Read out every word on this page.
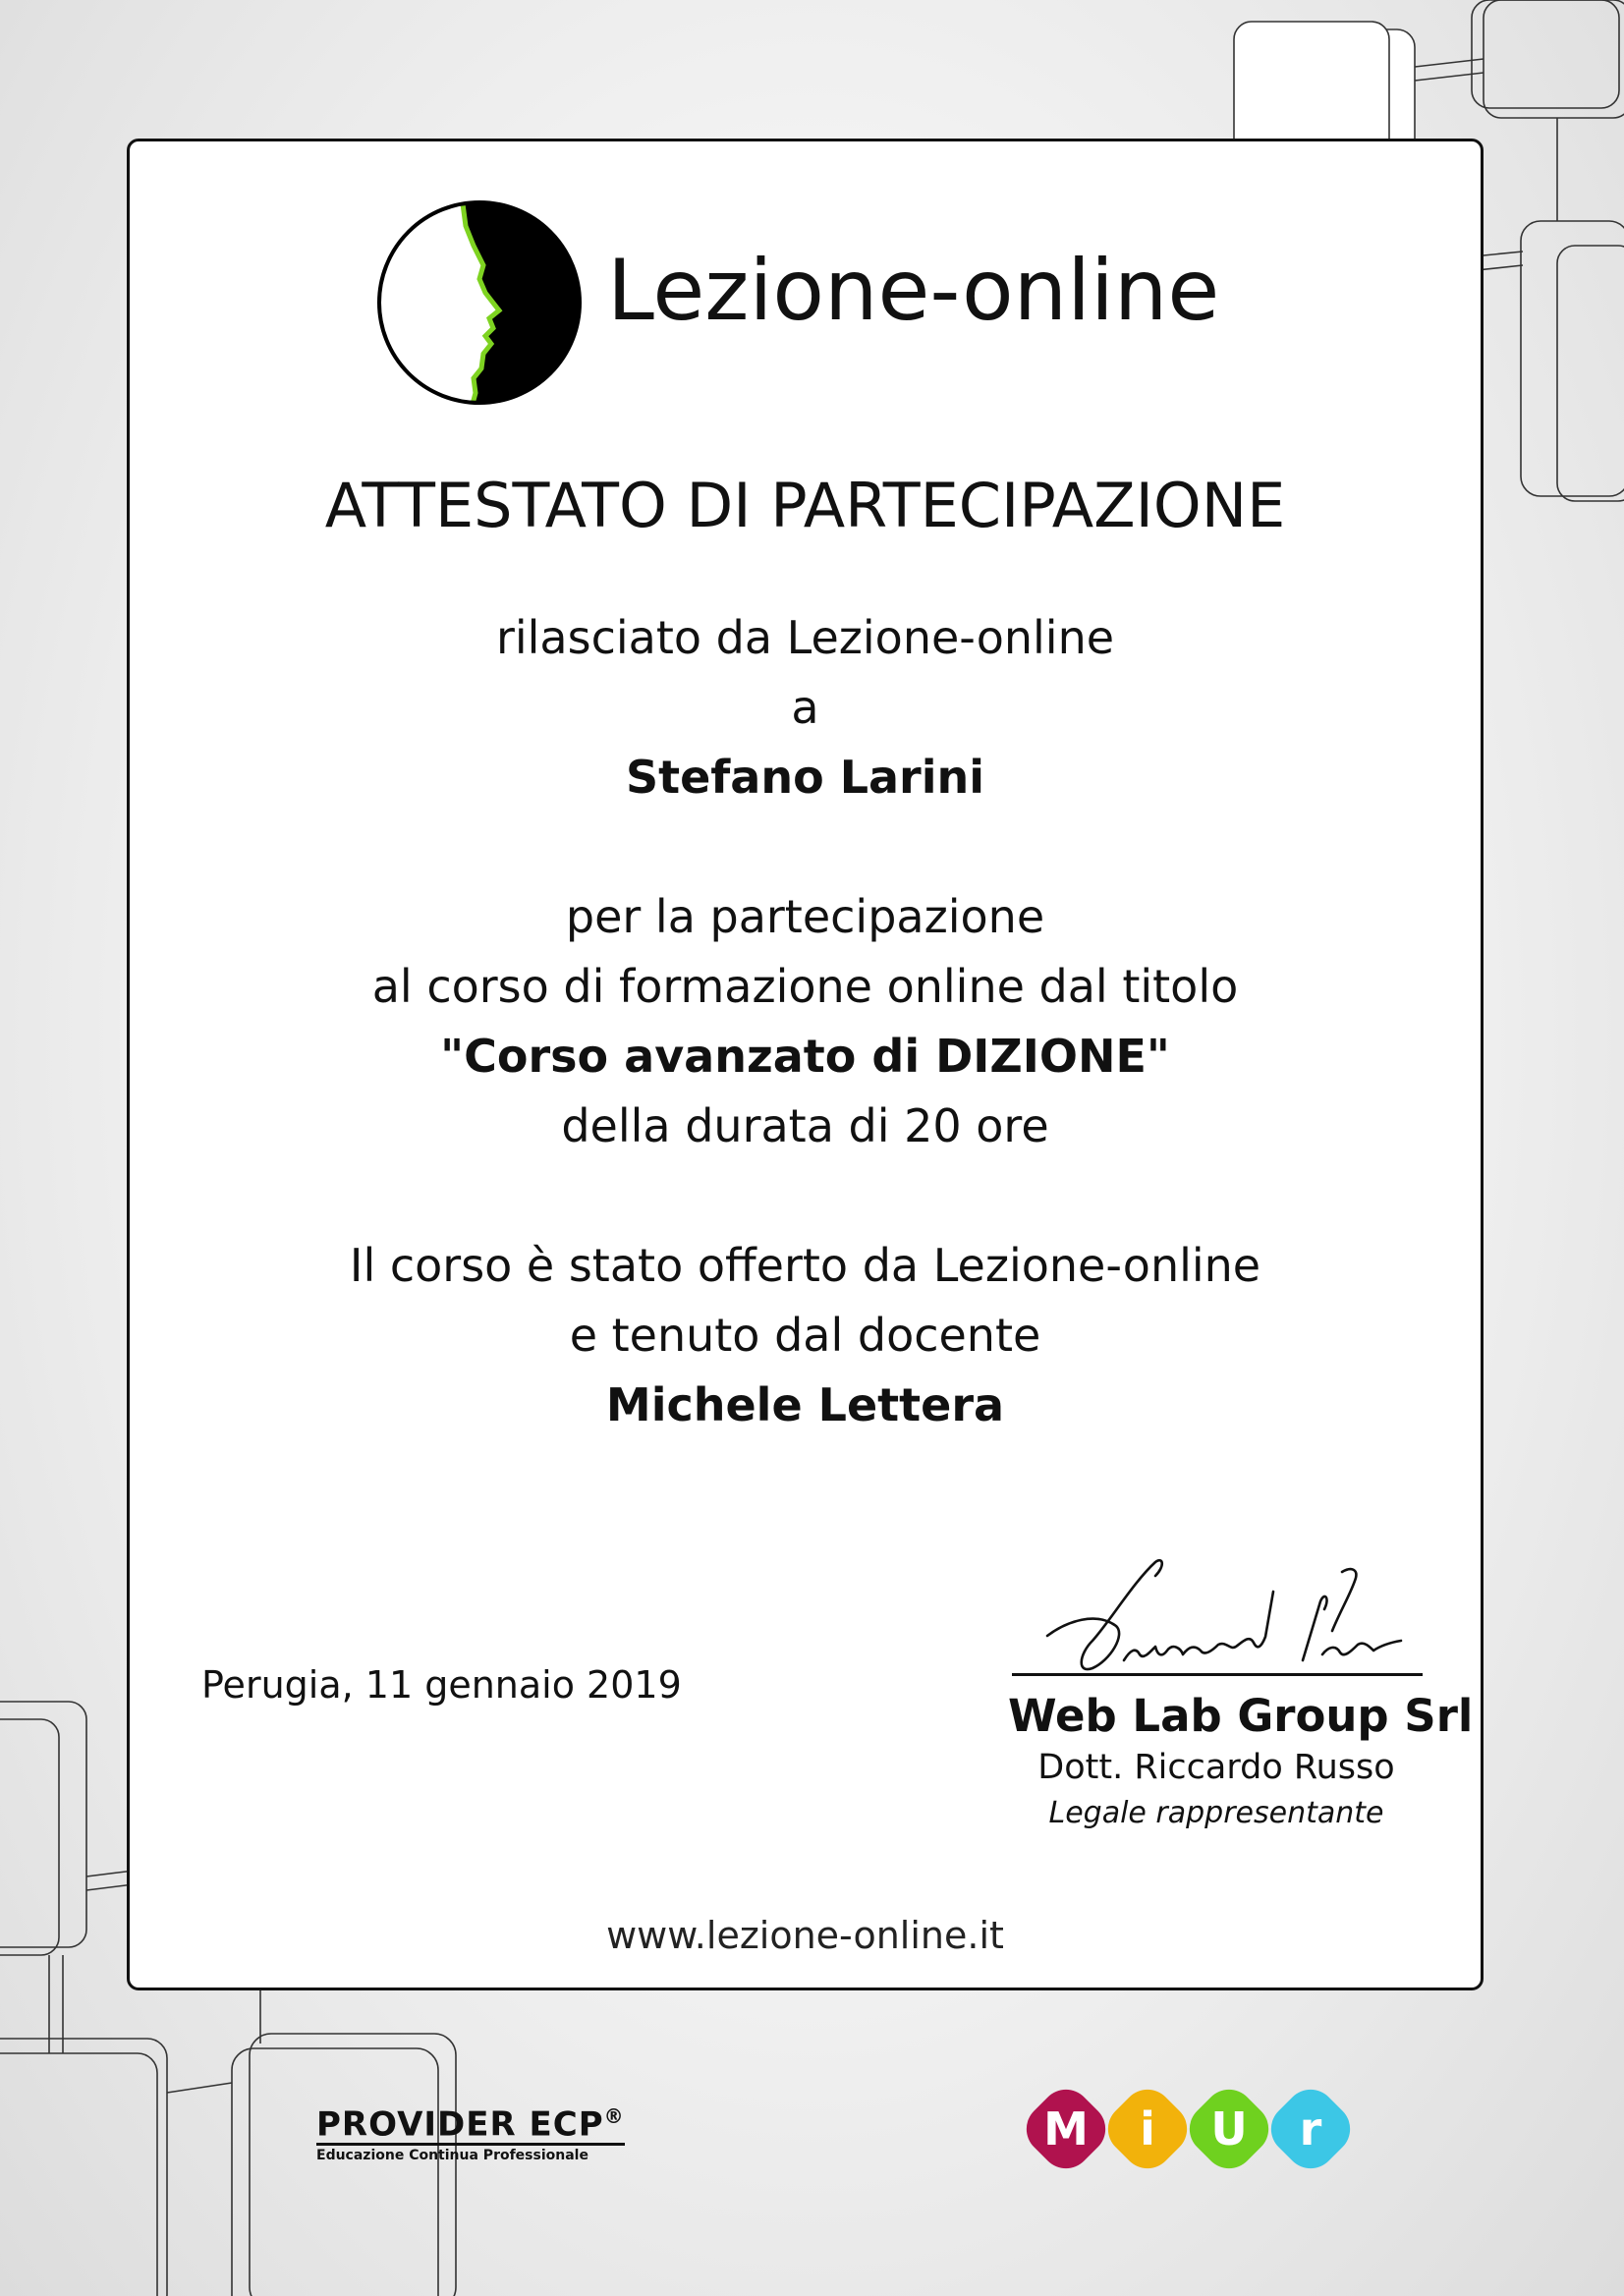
Lezione-online
ATTESTATO DI PARTECIPAZIONE
rilasciato da Lezione-online
a
Stefano Larini
per la partecipazione
al corso di formazione online dal titolo
"Corso avanzato di DIZIONE"
della durata di 20 ore
Il corso è stato offerto da Lezione-online
e tenuto dal docente
Michele Lettera
Perugia, 11 gennaio 2019
Web Lab Group Srl
Dott. Riccardo Russo
Legale rappresentante
www.lezione-online.it
PROVIDER ECP®
Educazione Continua Professionale
M i U r
